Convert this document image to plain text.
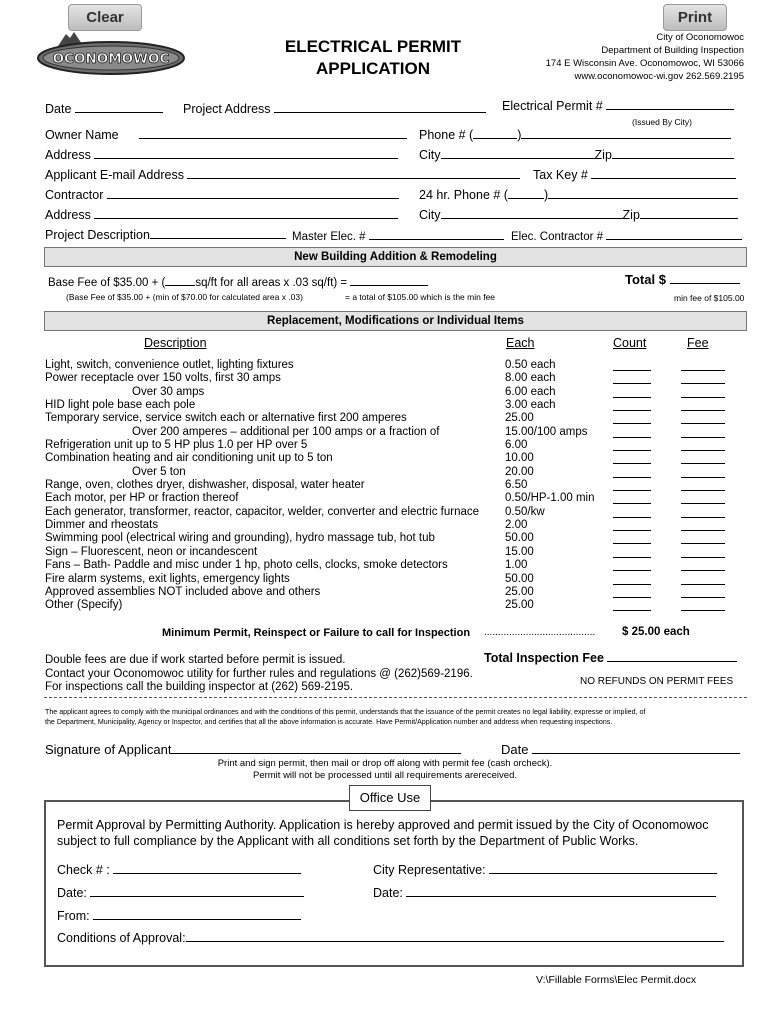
Clear	Print
OCONOMOWOC
ELECTRICAL PERMIT
APPLICATION
City of Oconomowoc
Department of Building Inspection
174 E Wisconsin Ave. Oconomowoc, WI 53066
www.oconomowoc-wi.gov 262.569.2195
Date	Project Address	Electrical Permit #
(Issued By City)
Owner Name	Phone # (	)
Address	City	Zip
Applicant E-mail Address	Tax Key #
Contractor	24 hr. Phone # (	)
Address	City	Zip
Project Description	Master Elec. #	Elec. Contractor #
New Building Addition & Remodeling
Base Fee of $35.00 + (	sq/ft for all areas x .03 sq/ft) =	Total $
(Base Fee of $35.00 + (min of $70.00 for calculated area x .03)	= a total of $105.00 which is the min fee	min fee of $105.00
Replacement, Modifications or Individual Items
Description	Each	Count	Fee
Light, switch, convenience outlet, lighting fixtures	0.50 each
Power receptacle over 150 volts, first 30 amps	8.00 each
Over 30 amps	6.00 each
HID light pole base each pole	3.00 each
Temporary service, service switch each or alternative first 200 amperes	25.00
Over 200 amperes – additional per 100 amps or a fraction of	15.00/100 amps
Refrigeration unit up to 5 HP plus 1.0 per HP over 5	6.00
Combination heating and air conditioning unit up to 5 ton	10.00
Over 5 ton	20.00
Range, oven, clothes dryer, dishwasher, disposal, water heater	6.50
Each motor, per HP or fraction thereof	0.50/HP-1.00 min
Each generator, transformer, reactor, capacitor, welder, converter and electric furnace 0.50/kw
Dimmer and rheostats	2.00
Swimming pool (electrical wiring and grounding), hydro massage tub, hot tub	50.00
Sign – Fluorescent, neon or incandescent	15.00
Fans – Bath- Paddle and misc under 1 hp, photo cells, clocks, smoke detectors	1.00
Fire alarm systems, exit lights, emergency lights	50.00
Approved assemblies NOT included above and others	25.00
Other (Specify)	25.00
Minimum Permit, Reinspect or Failure to call for Inspection ........................................ $ 25.00 each
Double fees are due if work started before permit is issued.
Contact your Oconomowoc utility for further rules and regulations @ (262)569-2196.
For inspections call the building inspector at (262) 569-2195.
Total Inspection Fee
NO REFUNDS ON PERMIT FEES
The applicant agrees to comply with the municipal ordinances and with the conditions of this permit, understands that the issuance of the permit creates no legal liability, expresse or implied, of
the Department, Municipality, Agency or Inspector, and certifies that all the above information is accurate. Have Permit/Application number and address when requesting inspections.
Signature of Applicant	Date
Print and sign permit, then mail or drop off along with permit fee (cash orcheck).
Permit will not be processed until all requirements arereceived.
Office Use
Permit Approval by Permitting Authority. Application is hereby approved and permit issued by the City of Oconomowoc
subject to full compliance by the Applicant with all conditions set forth by the Department of Public Works.
Check # :	City Representative:
Date:	Date:
From:
Conditions of Approval:
V:\Fillable Forms\Elec Permit.docx
